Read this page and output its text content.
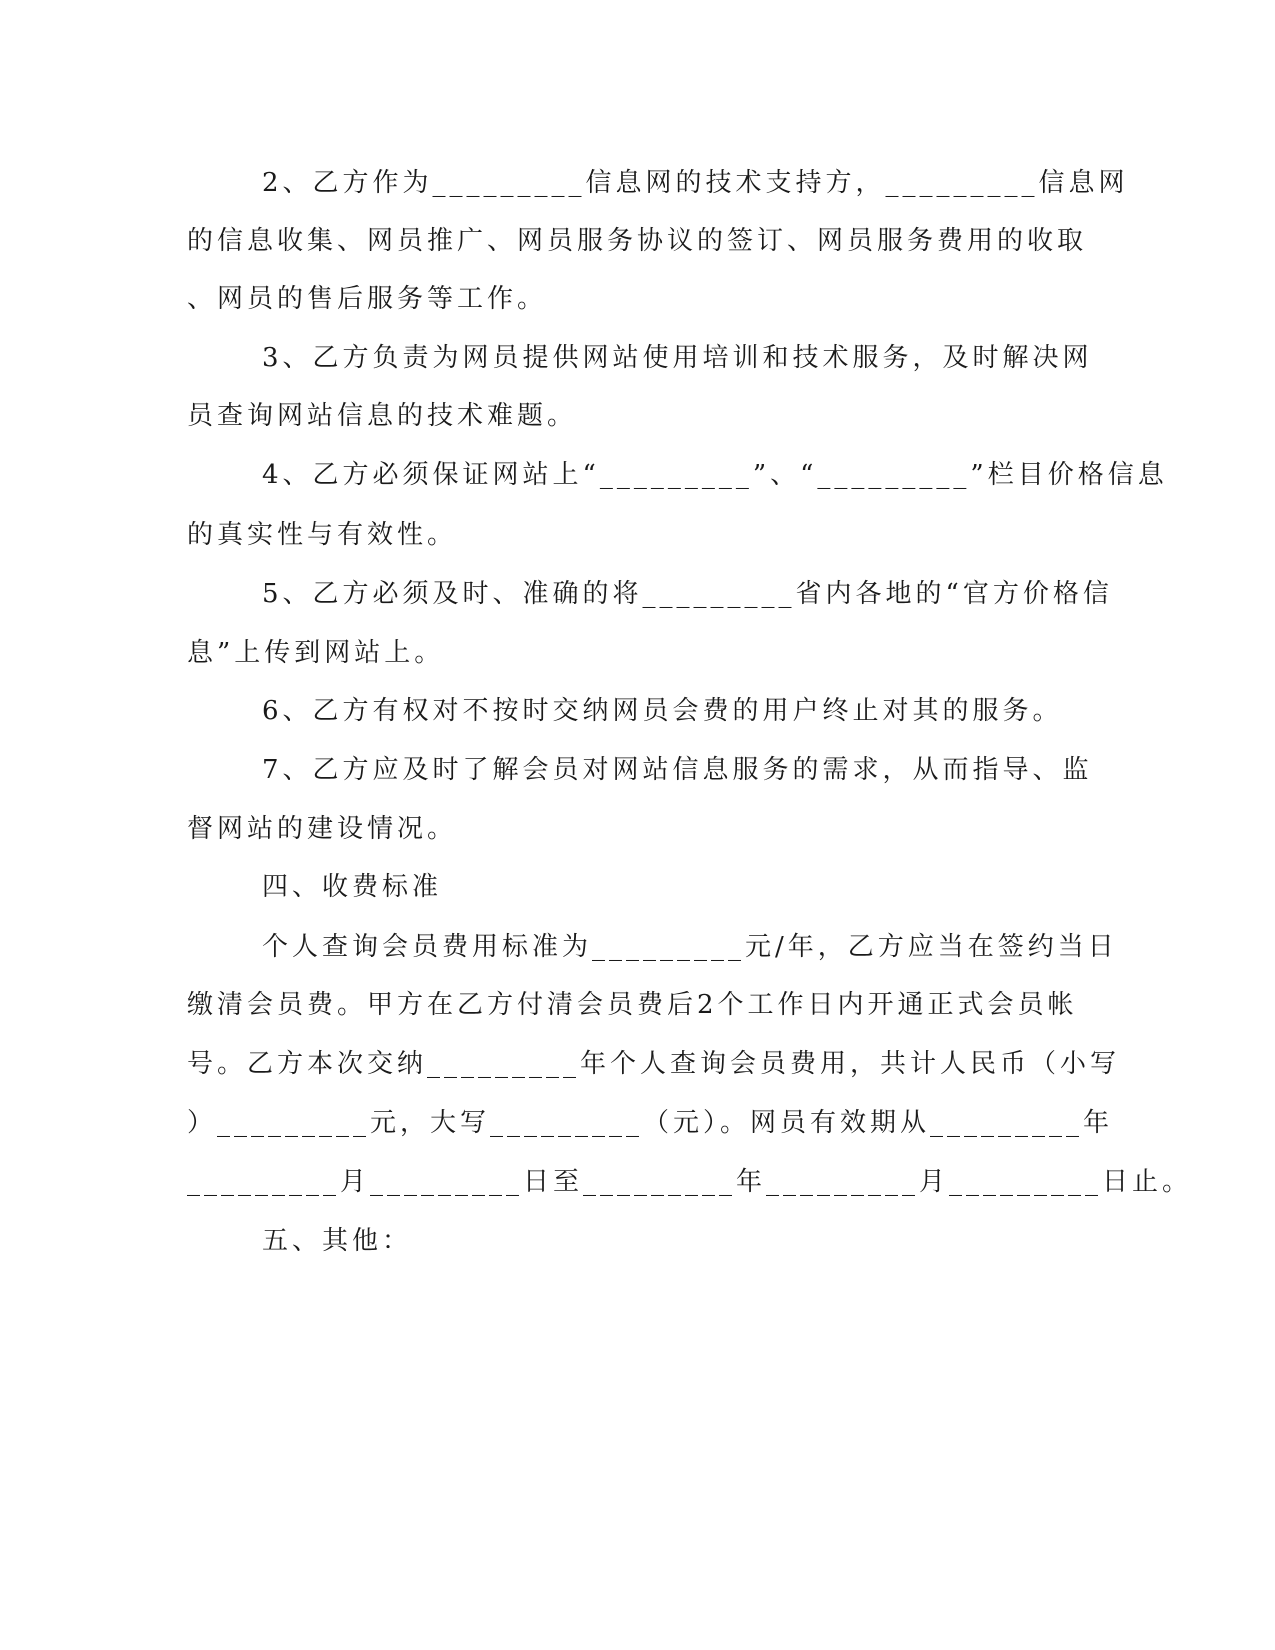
2、乙方作为_________信息网的技术支持方，_________信息网
的信息收集、网员推广、网员服务协议的签订、网员服务费用的收取
、网员的售后服务等工作。
3、乙方负责为网员提供网站使用培训和技术服务，及时解决网
员查询网站信息的技术难题。
4、乙方必须保证网站上“_________”、“_________”栏目价格信息
的真实性与有效性。
5、乙方必须及时、准确的将_________省内各地的“官方价格信
息”上传到网站上。
6、乙方有权对不按时交纳网员会费的用户终止对其的服务。
7、乙方应及时了解会员对网站信息服务的需求，从而指导、监
督网站的建设情况。
四、收费标准
个人查询会员费用标准为_________元/年，乙方应当在签约当日
缴清会员费。甲方在乙方付清会员费后2个工作日内开通正式会员帐
号。乙方本次交纳_________年个人查询会员费用，共计人民币（小写
）_________元，大写_________（元）。网员有效期从_________年
_________月_________日至_________年_________月_________日止。
五、其他：
